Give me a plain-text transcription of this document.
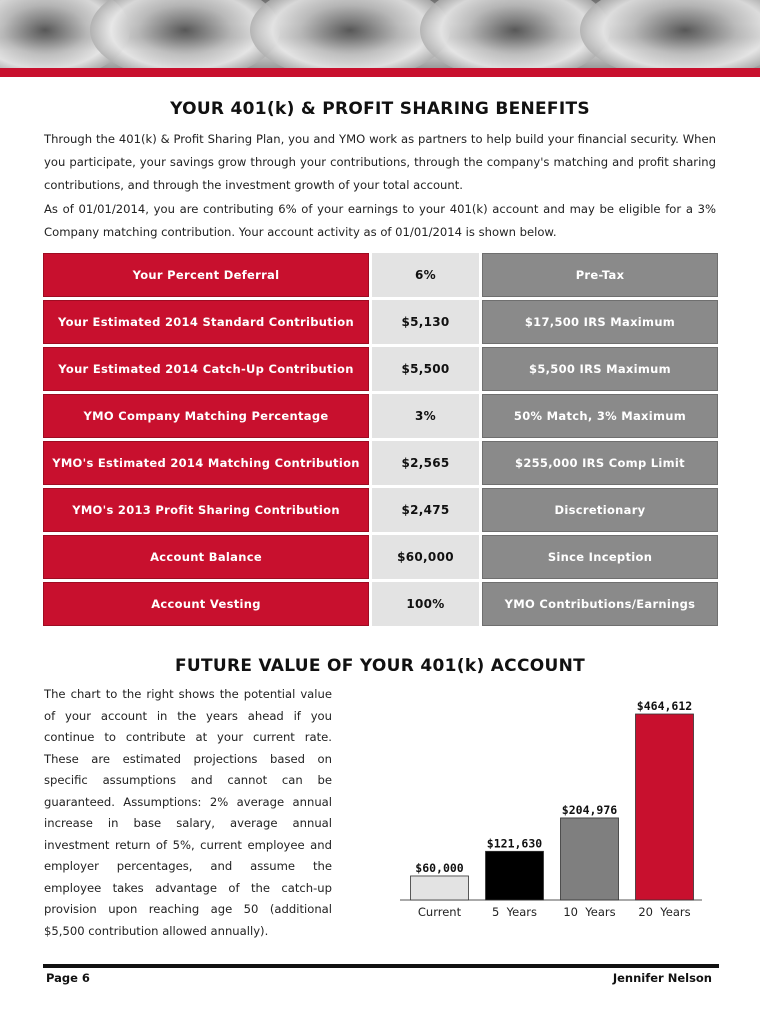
YOUR 401(k) & PROFIT SHARING BENEFITS

Through the 401(k) & Profit Sharing Plan, you and YMO work as partners to help build your financial security. When you participate, your savings grow through your contributions, through the company's matching and profit sharing contributions, and through the investment growth of your total account.

As of 01/01/2014, you are contributing 6% of your earnings to your 401(k) account and may be eligible for a 3% Company matching contribution. Your account activity as of 01/01/2014 is shown below.

Your Percent Deferral	6%	Pre-Tax
Your Estimated 2014 Standard Contribution	$5,130	$17,500 IRS Maximum
Your Estimated 2014 Catch-Up Contribution	$5,500	$5,500 IRS Maximum
YMO Company Matching Percentage	3%	50% Match, 3% Maximum
YMO's Estimated 2014 Matching Contribution	$2,565	$255,000 IRS Comp Limit
YMO's 2013 Profit Sharing Contribution	$2,475	Discretionary
Account Balance	$60,000	Since Inception
Account Vesting	100%	YMO Contributions/Earnings
FUTURE VALUE OF YOUR 401(k) ACCOUNT

The chart to the right shows the potential value of your account in the years ahead if you continue to contribute at your current rate. These are estimated projections based on specific assumptions and cannot can be guaranteed. Assumptions: 2% average annual increase in base salary, average annual investment return of 5%, current employee and employer percentages, and assume the employee takes advantage of the catch-up provision upon reaching age 50 (additional $5,500 contribution allowed annually).

$60,000
Current
$121,630
5  Years
$204,976
10  Years
$464,612
20  Years
Page 6	Jennifer Nelson
